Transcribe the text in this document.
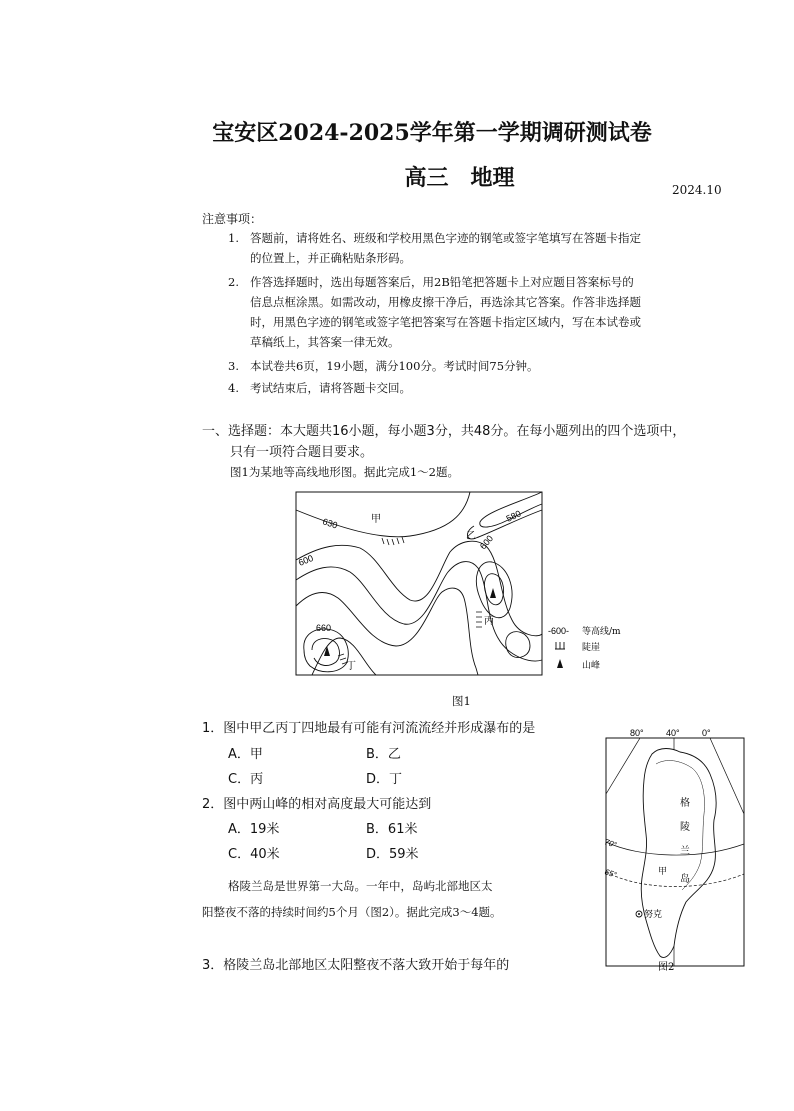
宝安区2024-2025学年第一学期调研测试卷
高三　地理	2024.10
注意事项：
1. 答题前，请将姓名、班级和学校用黑色字迹的钢笔或签字笔填写在答题卡指定
的位置上，并正确粘贴条形码。
2. 作答选择题时，选出每题答案后，用2B铅笔把答题卡上对应题目答案标号的
信息点框涂黑。如需改动，用橡皮擦干净后，再选涂其它答案。作答非选择题
时，用黑色字迹的钢笔或签字笔把答案写在答题卡指定区域内，写在本试卷或
草稿纸上，其答案一律无效。
3. 本试卷共6页，19小题，满分100分。考试时间75分钟。
4. 考试结束后，请将答题卡交回。
一、选择题：本大题共16小题，每小题3分，共48分。在每小题列出的四个选项中，
只有一项符合题目要求。
图1为某地等高线地形图。据此完成1～2题。
630	甲	580
乙 600
600
丙
660
丁
-600- 等高线/m
陡崖
山峰
图1
1．图中甲乙丙丁四地最有可能有河流流经并形成瀑布的是
A．甲	B．乙
C．丙	D．丁
2．图中两山峰的相对高度最大可能达到
A．19米	B．61米
C．40米	D．59米
格陵兰岛是世界第一大岛。一年中，岛屿北部地区太
阳整夜不落的持续时间约5个月（图2）。据此完成3～4题。
3．格陵兰岛北部地区太阳整夜不落大致开始于每年的
80° 40° 0°
70°
65°
格
陵
兰
岛
甲
努克
图2
